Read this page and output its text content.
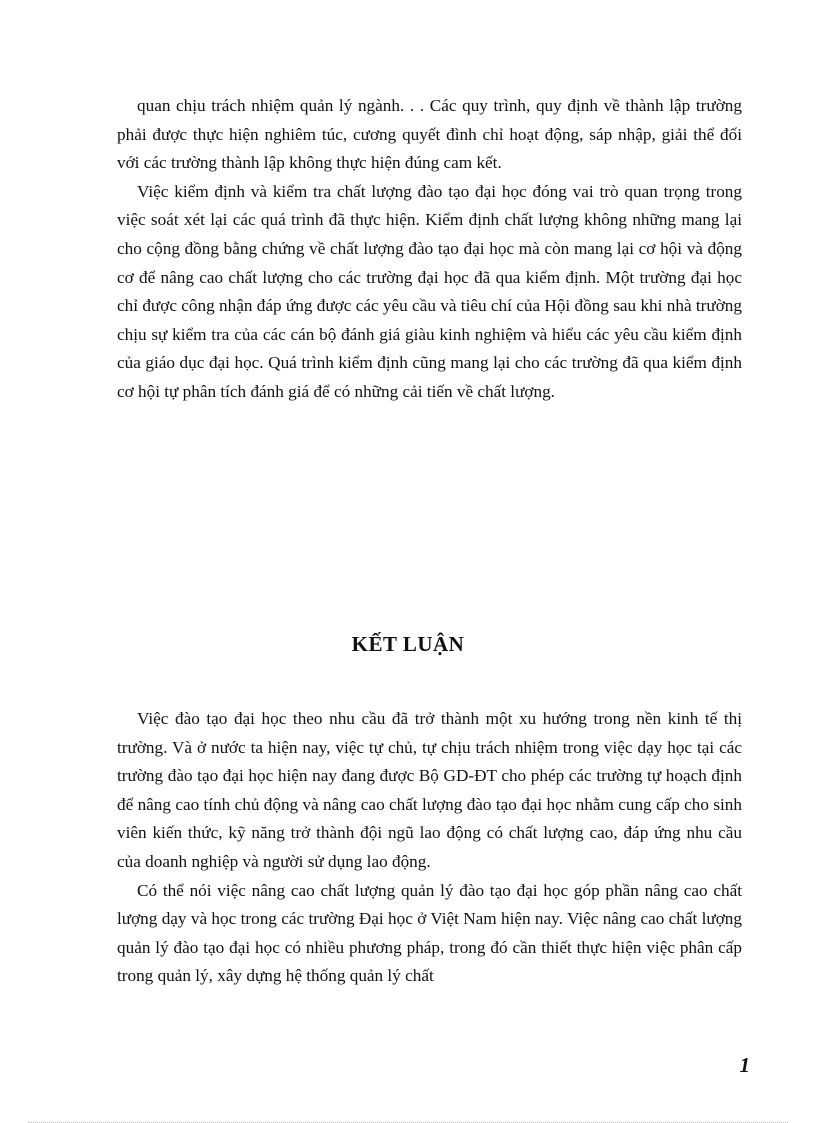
quan chịu trách nhiệm quản lý ngành. . . Các quy trình, quy định về thành lập trường phải được thực hiện nghiêm túc, cương quyết đình chỉ hoạt động, sáp nhập, giải thể đối với các trường thành lập không thực hiện đúng cam kết.

Việc kiểm định và kiểm tra chất lượng đào tạo đại học đóng vai trò quan trọng trong việc soát xét lại các quá trình đã thực hiện. Kiểm định chất lượng không những mang lại cho cộng đồng bằng chứng về chất lượng đào tạo đại học mà còn mang lại cơ hội và động cơ để nâng cao chất lượng cho các trường đại học đã qua kiểm định. Một trường đại học chỉ được công nhận đáp ứng được các yêu cầu và tiêu chí của Hội đồng sau khi nhà trường chịu sự kiểm tra của các cán bộ đánh giá giàu kinh nghiệm và hiểu các yêu cầu kiểm định của giáo dục đại học. Quá trình kiểm định cũng mang lại cho các trường đã qua kiểm định cơ hội tự phân tích đánh giá để có những cải tiến về chất lượng.

KẾT LUẬN

Việc đào tạo đại học theo nhu cầu đã trở thành một xu hướng trong nền kinh tế thị trường. Và ở nước ta hiện nay, việc tự chủ, tự chịu trách nhiệm trong việc dạy học tại các trường đào tạo đại học hiện nay đang được Bộ GD-ĐT cho phép các trường tự hoạch định để nâng cao tính chủ động và nâng cao chất lượng đào tạo đại học nhằm cung cấp cho sinh viên kiến thức, kỹ năng trở thành đội ngũ lao động có chất lượng cao, đáp ứng nhu cầu của doanh nghiệp và người sử dụng lao động.

Có thể nói việc nâng cao chất lượng quản lý đào tạo đại học góp phần nâng cao chất lượng dạy và học trong các trường Đại học ở Việt Nam hiện nay. Việc nâng cao chất lượng quản lý đào tạo đại học có nhiều phương pháp, trong đó cần thiết thực hiện việc phân cấp trong quản lý, xây dựng hệ thống quản lý chất

1
